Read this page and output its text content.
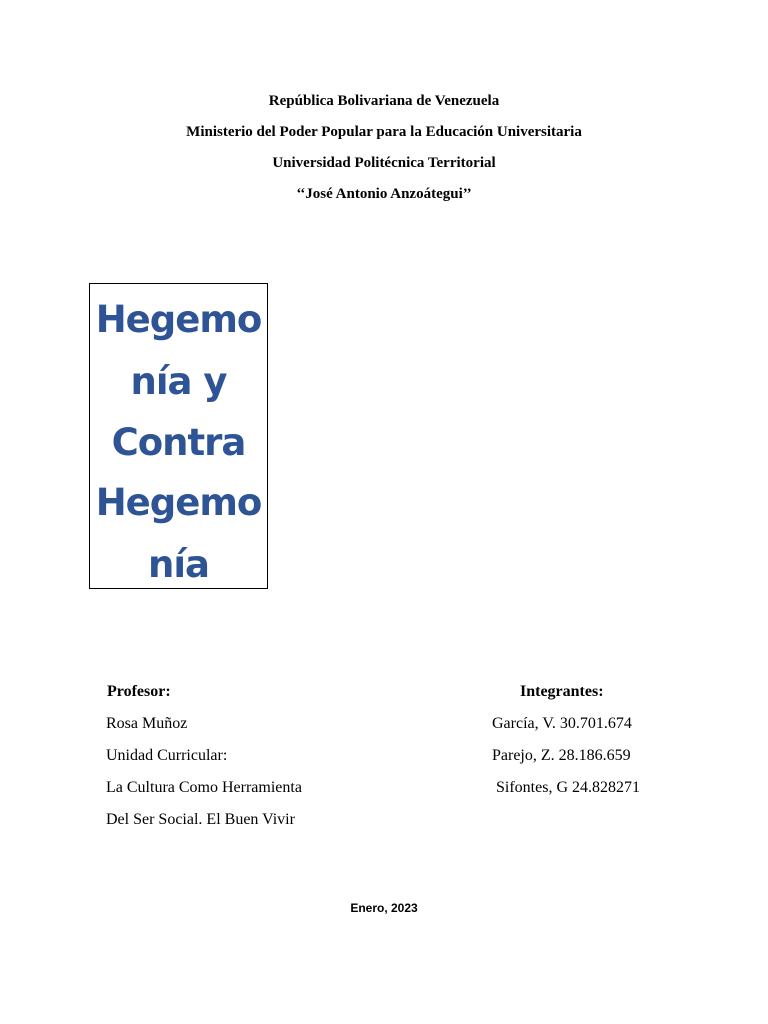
República Bolivariana de Venezuela
Ministerio del Poder Popular para la Educación Universitaria
Universidad Politécnica Territorial
‘‘José Antonio Anzoátegui’’
Hegemo
nía y
Contra
Hegemo
nía
Profesor:
Rosa Muñoz
Unidad Curricular:
La Cultura Como Herramienta
Del Ser Social. El Buen Vivir
Integrantes:
García, V. 30.701.674
Parejo, Z. 28.186.659
Sifontes, G 24.828271
Enero, 2023
